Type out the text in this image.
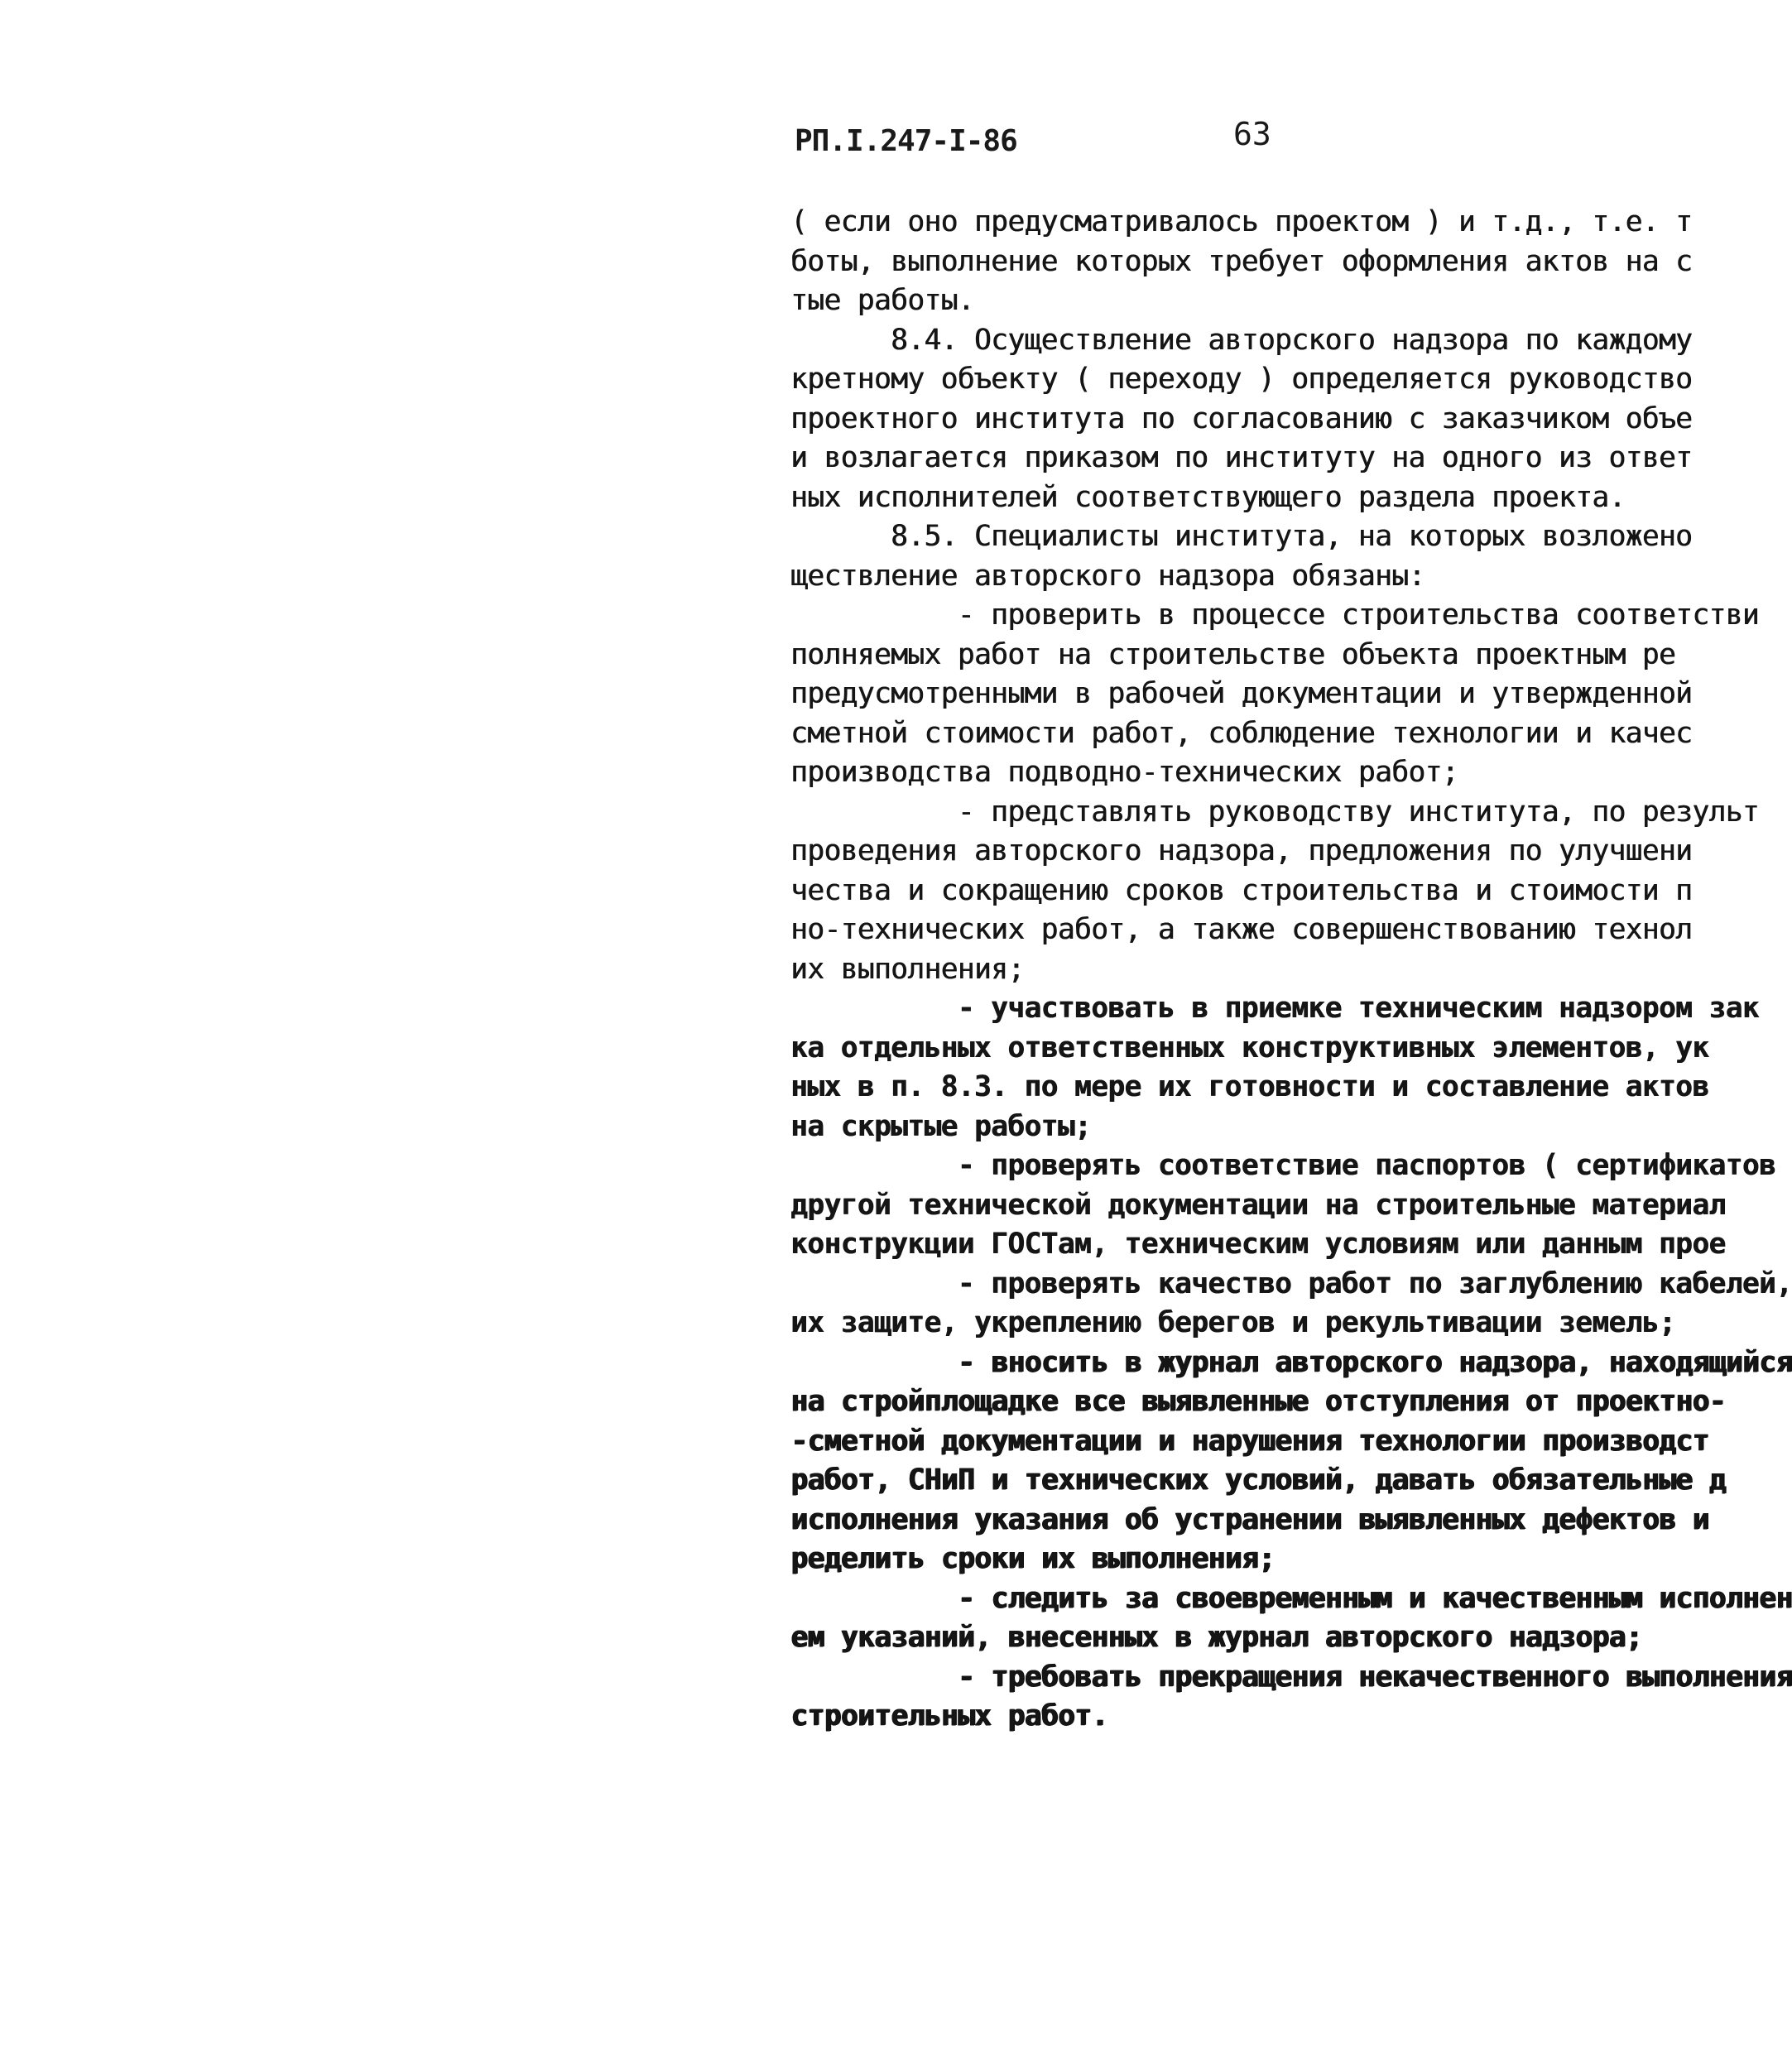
РП.I.247-I-86	63
( если оно предусматривалось проектом ) и т.д., т.е. т
боты, выполнение которых требует оформления актов на с
тые работы.
8.4. Осуществление авторского надзора по каждому
кретному объекту ( переходу ) определяется руководство
проектного института по согласованию с заказчиком объе
и возлагается приказом по институту на одного из ответ
ных исполнителей соответствующего раздела проекта.
8.5. Специалисты института, на которых возложено
ществление авторского надзора обязаны:
- проверить в процессе строительства соответстви
полняемых работ на строительстве объекта проектным ре
предусмотренными в рабочей документации и утвержденной
сметной стоимости работ, соблюдение технологии и качес
производства подводно-технических работ;
- представлять руководству института, по результ
проведения авторского надзора, предложения по улучшени
чества и сокращению сроков строительства и стоимости п
но-технических работ, а также совершенствованию технол
их выполнения;
- участвовать в приемке техническим надзором зак
ка отдельных ответственных конструктивных элементов, ук
ных в п. 8.3. по мере их готовности и составление актов
на скрытые работы;
- проверять соответствие паспортов ( сертификатов
другой технической документации на строительные материал
конструкции ГОСТам, техническим условиям или данным прое
- проверять качество работ по заглублению кабелей,
их защите, укреплению берегов и рекультивации земель;
- вносить в журнал авторского надзора, находящийся
на стройплощадке все выявленные отступления от проектно-
-сметной документации и нарушения технологии производст
работ, СНиП и технических условий, давать обязательные д
исполнения указания об устранении выявленных дефектов и
ределить сроки их выполнения;
- следить за своевременным и качественным исполнен
ем указаний, внесенных в журнал авторского надзора;
- требовать прекращения некачественного выполнения
строительных работ.
